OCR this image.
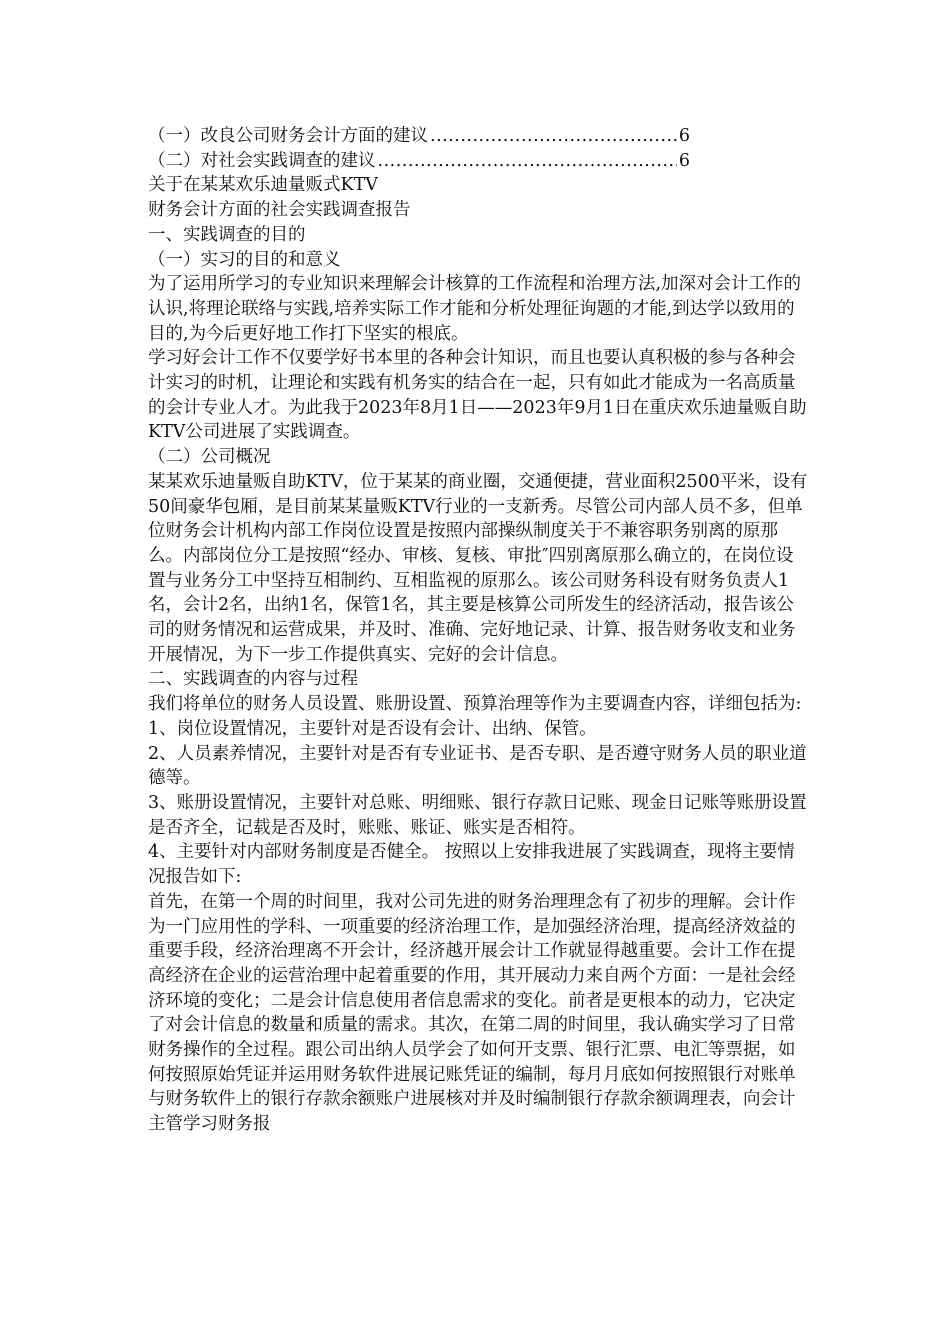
（一）改良公司财务会计方面的建议 .....	6

（二）对社会实践调查的建议 .....	6

关于在某某欢乐迪量贩式KTV

财务会计方面的社会实践调查报告

一、实践调查的目的

（一）实习的目的和意义

为了运用所学习的专业知识来理解会计核算的工作流程和治理方法,加深对会计工作的认识,将理论联络与实践,培养实际工作才能和分析处理征询题的才能,到达学以致用的目的,为今后更好地工作打下坚实的根底。

学习好会计工作不仅要学好书本里的各种会计知识，而且也要认真积极的参与各种会计实习的时机，让理论和实践有机务实的结合在一起，只有如此才能成为一名高质量的会计专业人才。为此我于2023年8月1日——2023年9月1日在重庆欢乐迪量贩自助KTV公司进展了实践调查。

（二）公司概况

某某欢乐迪量贩自助KTV，位于某某的商业圈，交通便捷，营业面积2500平米，设有50间豪华包厢，是目前某某量贩KTV行业的一支新秀。尽管公司内部人员不多，但单位财务会计机构内部工作岗位设置是按照内部操纵制度关于不兼容职务别离的原那么。内部岗位分工是按照“经办、审核、复核、审批″四别离原那么确立的，在岗位设置与业务分工中坚持互相制约、互相监视的原那么。该公司财务科设有财务负责人1名，会计2名，出纳1名，保管1名，其主要是核算公司所发生的经济活动，报告该公司的财务情况和运营成果，并及时、准确、完好地记录、计算、报告财务收支和业务开展情况，为下一步工作提供真实、完好的会计信息。

二、实践调查的内容与过程

我们将单位的财务人员设置、账册设置、预算治理等作为主要调查内容，详细包括为:

1、岗位设置情况，主要针对是否设有会计、出纳、保管。

2、人员素养情况，主要针对是否有专业证书、是否专职、是否遵守财务人员的职业道德等。

3、账册设置情况，主要针对总账、明细账、银行存款日记账、现金日记账等账册设置是否齐全，记载是否及时，账账、账证、账实是否相符。

4、主要针对内部财务制度是否健全。 按照以上安排我进展了实践调查，现将主要情况报告如下:

首先，在第一个周的时间里，我对公司先进的财务治理理念有了初步的理解。会计作为一门应用性的学科、一项重要的经济治理工作，是加强经济治理，提高经济效益的重要手段，经济治理离不开会计，经济越开展会计工作就显得越重要。会计工作在提高经济在企业的运营治理中起着重要的作用，其开展动力来自两个方面：一是社会经济环境的变化；二是会计信息使用者信息需求的变化。前者是更根本的动力，它决定了对会计信息的数量和质量的需求。其次，在第二周的时间里，我认确实学习了日常财务操作的全过程。跟公司出纳人员学会了如何开支票、银行汇票、电汇等票据，如何按照原始凭证并运用财务软件进展记账凭证的编制，每月月底如何按照银行对账单与财务软件上的银行存款余额账户进展核对并及时编制银行存款余额调理表，向会计主管学习财务报
